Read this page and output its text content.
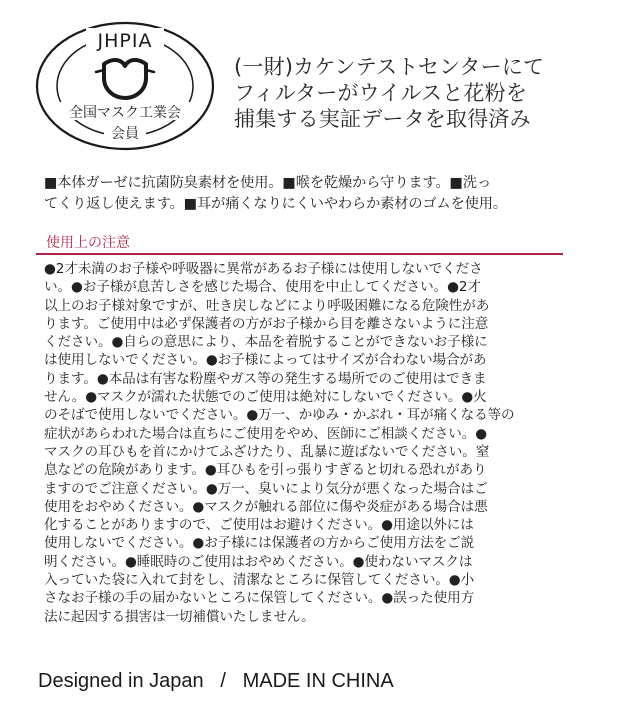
JHPIA
全国マスク工業会
会員
(一財)カケンテストセンターにて
フィルターがウイルスと花粉を
捕集する実証データを取得済み
■本体ガーゼに抗菌防臭素材を使用。■喉を乾燥から守ります。■洗っ
てくり返し使えます。■耳が痛くなりにくいやわらか素材のゴムを使用。
使用上の注意
●2才未満のお子様や呼吸器に異常があるお子様には使用しないでくださ
い。●お子様が息苦しさを感じた場合、使用を中止してください。●2才
以上のお子様対象ですが、吐き戻しなどにより呼吸困難になる危険性があ
ります。ご使用中は必ず保護者の方がお子様から目を離さないように注意
ください。●自らの意思により、本品を着脱することができないお子様に
は使用しないでください。●お子様によってはサイズが合わない場合があ
ります。●本品は有害な粉塵やガス等の発生する場所でのご使用はできま
せん。●マスクが濡れた状態でのご使用は絶対にしないでください。●火
のそばで使用しないでください。●万一、かゆみ・かぶれ・耳が痛くなる等の
症状があらわれた場合は直ちにご使用をやめ、医師にご相談ください。●
マスクの耳ひもを首にかけてふざけたり、乱暴に遊ばないでください。窒
息などの危険があります。●耳ひもを引っ張りすぎると切れる恐れがあり
ますのでご注意ください。●万一、臭いにより気分が悪くなった場合はご
使用をおやめください。●マスクが触れる部位に傷や炎症がある場合は悪
化することがありますので、ご使用はお避けください。●用途以外には
使用しないでください。●お子様には保護者の方からご使用方法をご説
明ください。●睡眠時のご使用はおやめください。●使わないマスクは
入っていた袋に入れて封をし、清潔なところに保管してください。●小
さなお子様の手の届かないところに保管してください。●誤った使用方
法に起因する損害は一切補償いたしません。
Designed in Japan / MADE IN CHINA
